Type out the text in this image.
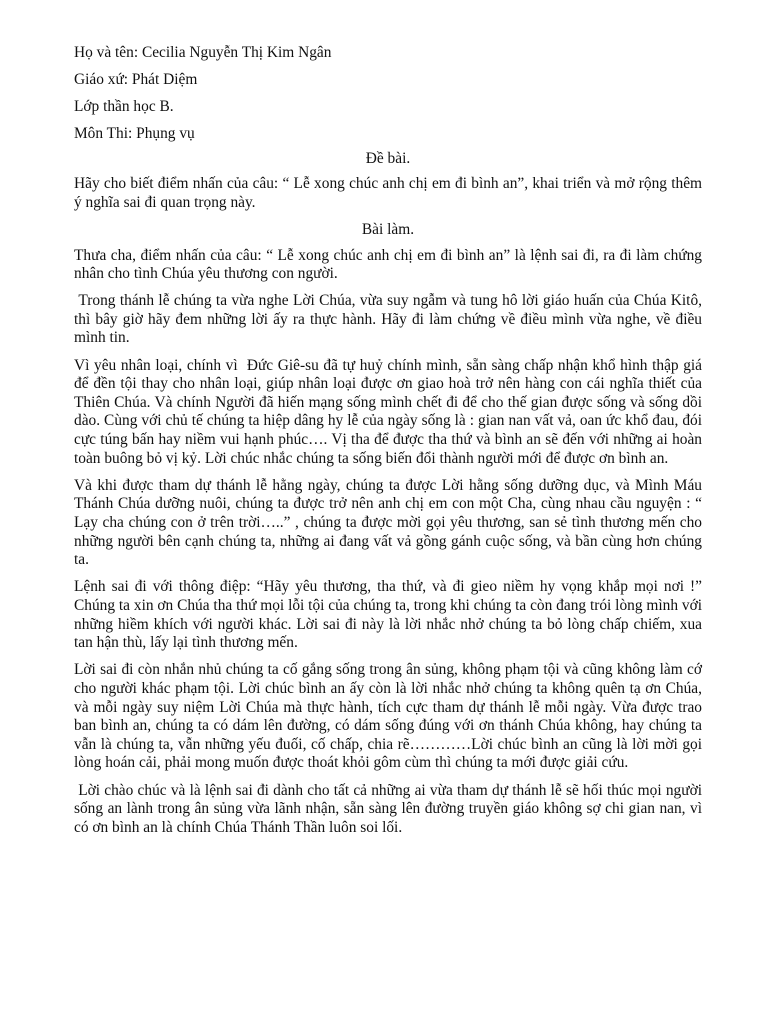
Họ và tên: Cecilia Nguyễn Thị Kim Ngân
Giáo xứ: Phát Diệm
Lớp thần học B.
Môn Thi: Phụng vụ
Đề bài.
Hãy cho biết điểm nhấn của câu: “ Lễ xong chúc anh chị em đi bình an”, khai triển và mở rộng thêm ý nghĩa sai đi quan trọng này.
Bài làm.
Thưa cha, điểm nhấn của câu: “ Lễ xong chúc anh chị em đi bình an” là lệnh sai đi, ra đi làm chứng nhân cho tình Chúa yêu thương con người.
Trong thánh lễ chúng ta vừa nghe Lời Chúa, vừa suy ngẫm và tung hô lời giáo huấn của Chúa Kitô, thì bây giờ hãy đem những lời ấy ra thực hành. Hãy đi làm chứng về điều mình vừa nghe, về điều mình tin.
Vì yêu nhân loại, chính vì  Đức Giê-su đã tự huỷ chính mình, sẵn sàng chấp nhận khổ hình thập giá để đền tội thay cho nhân loại, giúp nhân loại được ơn giao hoà trở nên hàng con cái nghĩa thiết của Thiên Chúa. Và chính Người đã hiến mạng sống mình chết đi để cho thế gian được sống và sống dồi dào. Cùng với chủ tế chúng ta hiệp dâng hy lễ của ngày sống là : gian nan vất vả, oan ức khổ đau, đói cực túng bấn hay niềm vui hạnh phúc…. Vị tha để được tha thứ và bình an sẽ đến với những ai hoàn toàn buông bỏ vị kỷ. Lời chúc nhắc chúng ta sống biến đổi thành người mới để được ơn bình an.
Và khi được tham dự thánh lễ hằng ngày, chúng ta được Lời hằng sống dưỡng dục, và Mình Máu Thánh Chúa dưỡng nuôi, chúng ta được trở nên anh chị em con một Cha, cùng nhau cầu nguyện : “ Lạy cha chúng con ở trên trời…..” , chúng ta được mời gọi yêu thương, san sẻ tình thương mến cho những người bên cạnh chúng ta, những ai đang vất vả gồng gánh cuộc sống, và bần cùng hơn chúng ta.
Lệnh sai đi với thông điệp: “Hãy yêu thương, tha thứ, và đi gieo niềm hy vọng khắp mọi nơi !” Chúng ta xin ơn Chúa tha thứ mọi lỗi tội của chúng ta, trong khi chúng ta còn đang trói lòng mình với những hiềm khích với người khác. Lời sai đi này là lời nhắc nhở chúng ta bỏ lòng chấp chiếm, xua tan hận thù, lấy lại tình thương mến.
Lời sai đi còn nhắn nhủ chúng ta cố gắng sống trong ân sủng, không phạm tội và cũng không làm cớ cho người khác phạm tội. Lời chúc bình an ấy còn là lời nhắc nhở chúng ta không quên tạ ơn Chúa, và mỗi ngày suy niệm Lời Chúa mà thực hành, tích cực tham dự thánh lễ mỗi ngày. Vừa được trao ban bình an, chúng ta có dám lên đường, có dám sống đúng với ơn thánh Chúa không, hay chúng ta vẫn là chúng ta, vẫn những yếu đuối, cố chấp, chia rẽ…………Lời chúc bình an cũng là lời mời gọi lòng hoán cải, phải mong muốn được thoát khỏi gôm cùm thì chúng ta mới được giải cứu.
Lời chào chúc và là lệnh sai đi dành cho tất cả những ai vừa tham dự thánh lễ sẽ hối thúc mọi người sống an lành trong ân sủng vừa lãnh nhận, sẵn sàng lên đường truyền giáo không sợ chi gian nan, vì có ơn bình an là chính Chúa Thánh Thần luôn soi lối.
